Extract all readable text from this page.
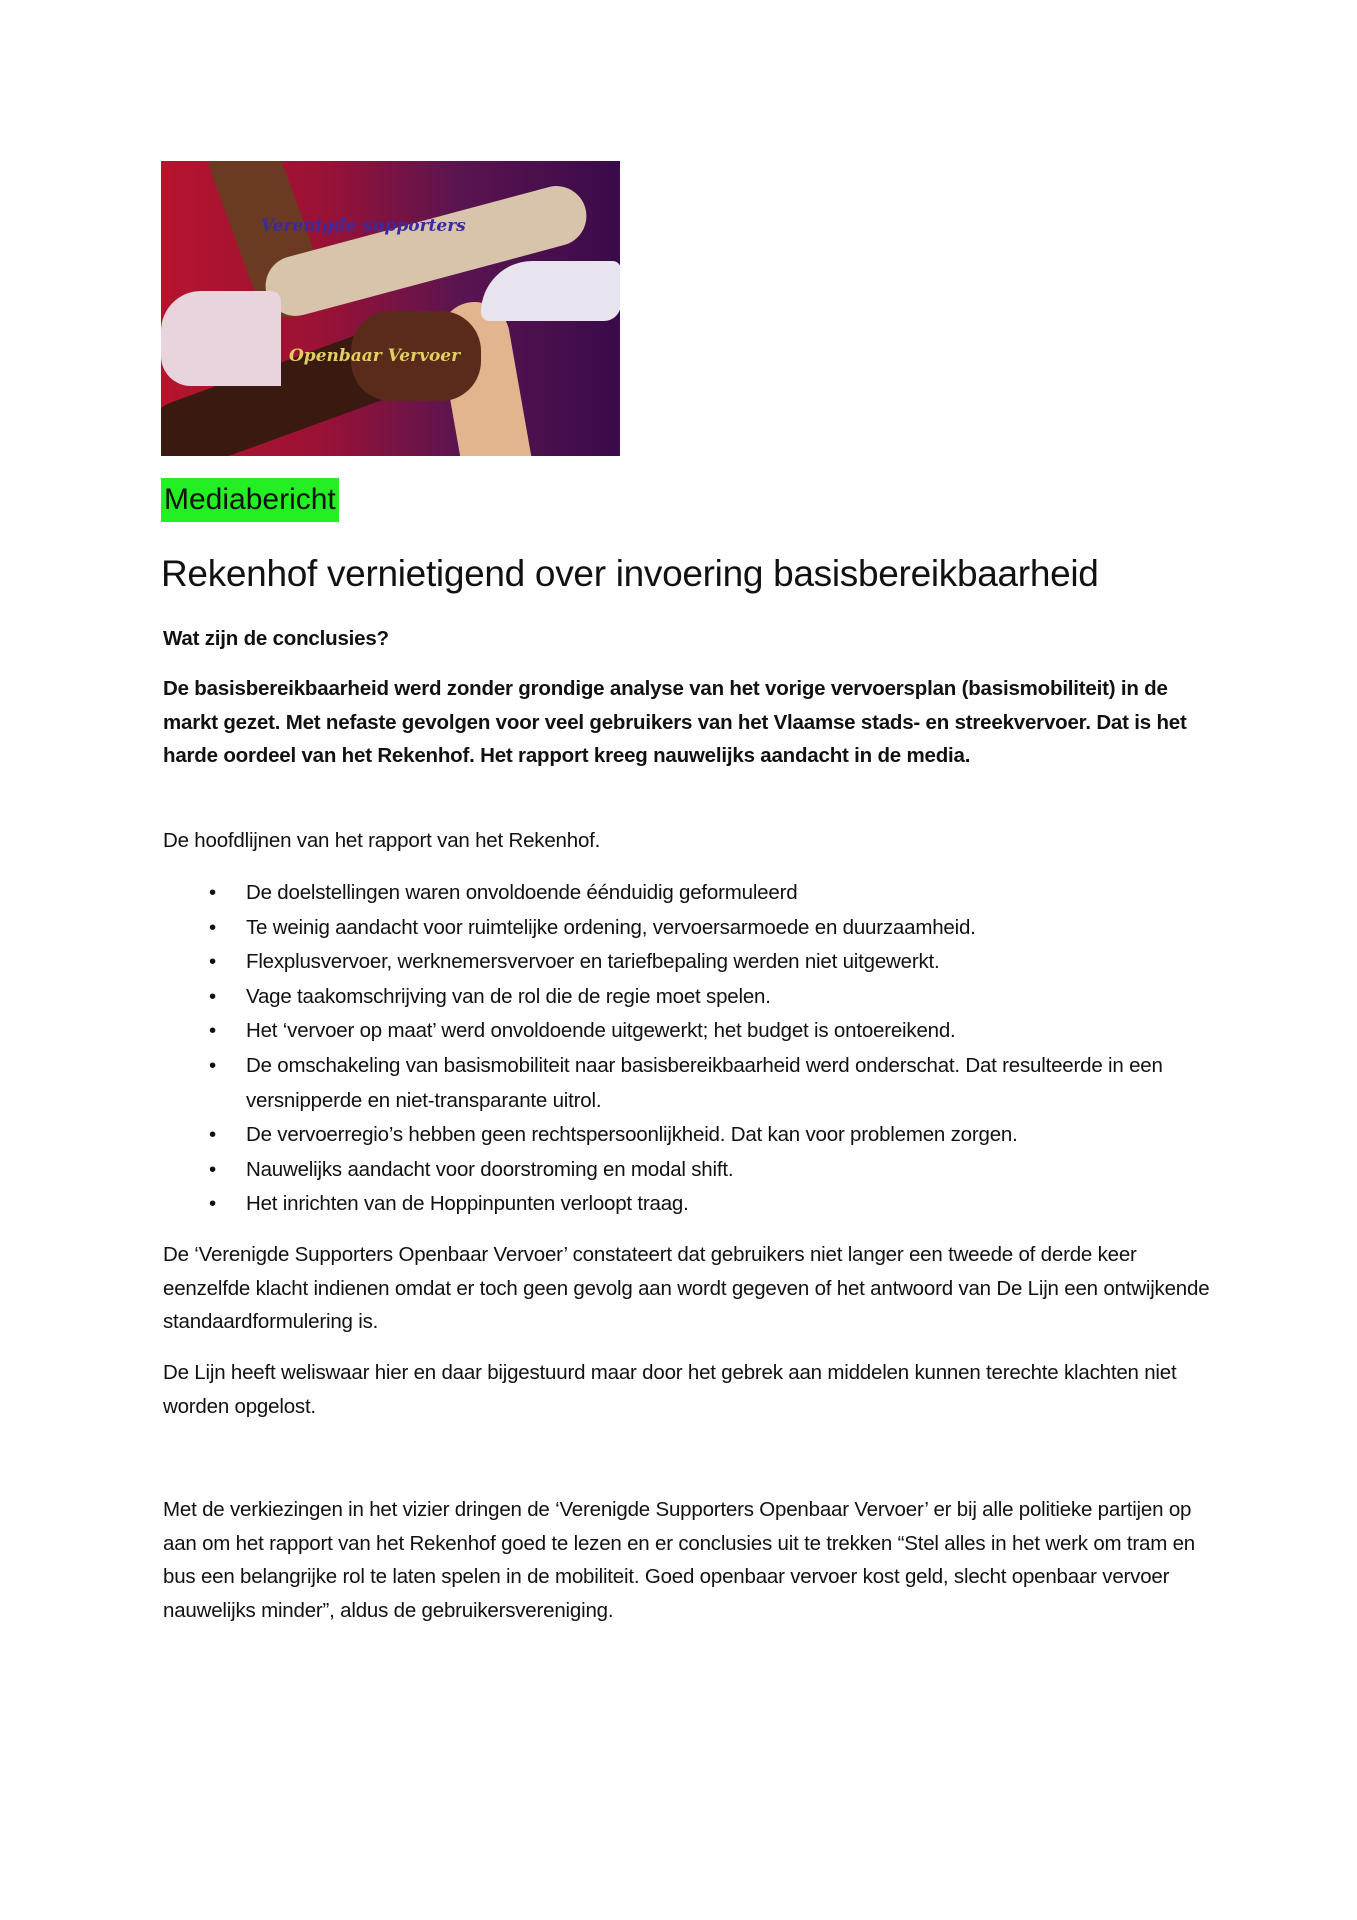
Verenigde supporters
Openbaar Vervoer
Mediabericht
Rekenhof vernietigend over invoering basisbereikbaarheid
Wat zijn de conclusies?
De basisbereikbaarheid werd zonder grondige analyse van het vorige vervoersplan (basismobiliteit) in de markt gezet. Met nefaste gevolgen voor veel gebruikers van het Vlaamse stads- en streekvervoer. Dat is het harde oordeel van het Rekenhof. Het rapport kreeg nauwelijks aandacht in de media.
De hoofdlijnen van het rapport van het Rekenhof.
• De doelstellingen waren onvoldoende éénduidig geformuleerd
• Te weinig aandacht voor ruimtelijke ordening, vervoersarmoede en duurzaamheid.
• Flexplusvervoer, werknemersvervoer en tariefbepaling werden niet uitgewerkt.
• Vage taakomschrijving van de rol die de regie moet spelen.
• Het ‘vervoer op maat’ werd onvoldoende uitgewerkt; het budget is ontoereikend.
• De omschakeling van basismobiliteit naar basisbereikbaarheid werd onderschat. Dat resulteerde in een versnipperde en niet-transparante uitrol.
• De vervoerregio’s hebben geen rechtspersoonlijkheid. Dat kan voor problemen zorgen.
• Nauwelijks aandacht voor doorstroming en modal shift.
• Het inrichten van de Hoppinpunten verloopt traag.
De ‘Verenigde Supporters Openbaar Vervoer’ constateert dat gebruikers niet langer een tweede of derde keer eenzelfde klacht indienen omdat er toch geen gevolg aan wordt gegeven of het antwoord van De Lijn een ontwijkende standaardformulering is.
De Lijn heeft weliswaar hier en daar bijgestuurd maar door het gebrek aan middelen kunnen terechte klachten niet worden opgelost.
Met de verkiezingen in het vizier dringen de ‘Verenigde Supporters Openbaar Vervoer’ er bij alle politieke partijen op aan om het rapport van het Rekenhof goed te lezen en er conclusies uit te trekken “Stel alles in het werk om tram en bus een belangrijke rol te laten spelen in de mobiliteit. Goed openbaar vervoer kost geld, slecht openbaar vervoer nauwelijks minder”, aldus de gebruikersvereniging.
